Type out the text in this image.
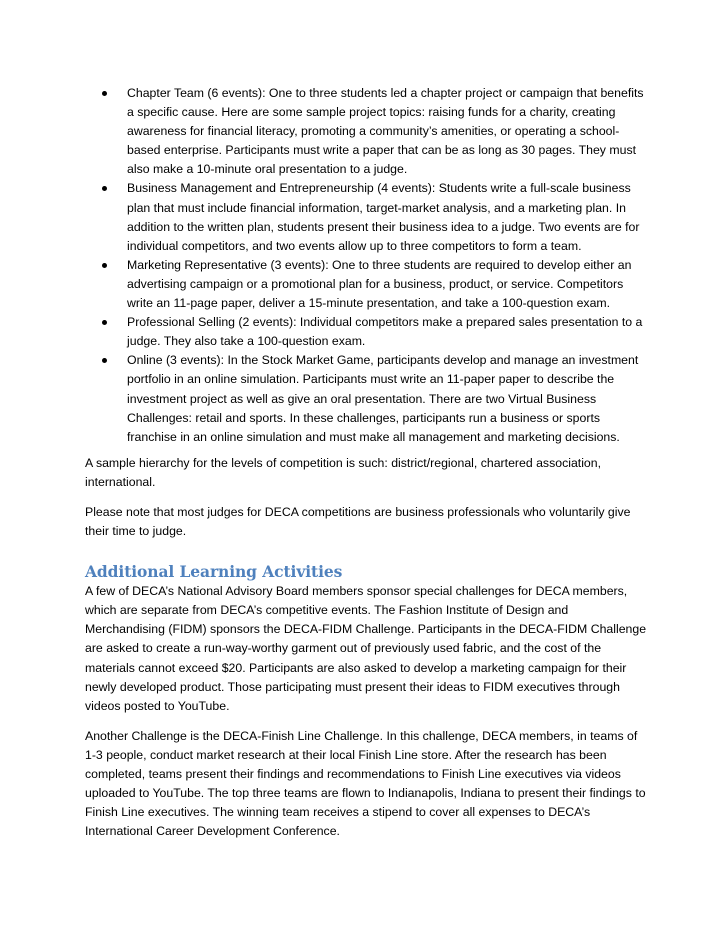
Chapter Team (6 events): One to three students led a chapter project or campaign that benefits a specific cause. Here are some sample project topics: raising funds for a charity, creating awareness for financial literacy, promoting a community’s amenities, or operating a school-based enterprise. Participants must write a paper that can be as long as 30 pages. They must also make a 10-minute oral presentation to a judge.
Business Management and Entrepreneurship (4 events): Students write a full-scale business plan that must include financial information, target-market analysis, and a marketing plan. In addition to the written plan, students present their business idea to a judge. Two events are for individual competitors, and two events allow up to three competitors to form a team.
Marketing Representative (3 events): One to three students are required to develop either an advertising campaign or a promotional plan for a business, product, or service. Competitors write an 11-page paper, deliver a 15-minute presentation, and take a 100-question exam.
Professional Selling (2 events): Individual competitors make a prepared sales presentation to a judge. They also take a 100-question exam.
Online (3 events): In the Stock Market Game, participants develop and manage an investment portfolio in an online simulation. Participants must write an 11-paper paper to describe the investment project as well as give an oral presentation. There are two Virtual Business Challenges: retail and sports. In these challenges, participants run a business or sports franchise in an online simulation and must make all management and marketing decisions.

A sample hierarchy for the levels of competition is such: district/regional, chartered association, international.

Please note that most judges for DECA competitions are business professionals who voluntarily give their time to judge.

Additional Learning Activities

A few of DECA’s National Advisory Board members sponsor special challenges for DECA members, which are separate from DECA’s competitive events. The Fashion Institute of Design and Merchandising (FIDM) sponsors the DECA-FIDM Challenge. Participants in the DECA-FIDM Challenge are asked to create a run-way-worthy garment out of previously used fabric, and the cost of the materials cannot exceed $20. Participants are also asked to develop a marketing campaign for their newly developed product. Those participating must present their ideas to FIDM executives through videos posted to YouTube.

Another Challenge is the DECA-Finish Line Challenge. In this challenge, DECA members, in teams of 1-3 people, conduct market research at their local Finish Line store. After the research has been completed, teams present their findings and recommendations to Finish Line executives via videos uploaded to YouTube. The top three teams are flown to Indianapolis, Indiana to present their findings to Finish Line executives. The winning team receives a stipend to cover all expenses to DECA’s International Career Development Conference.
